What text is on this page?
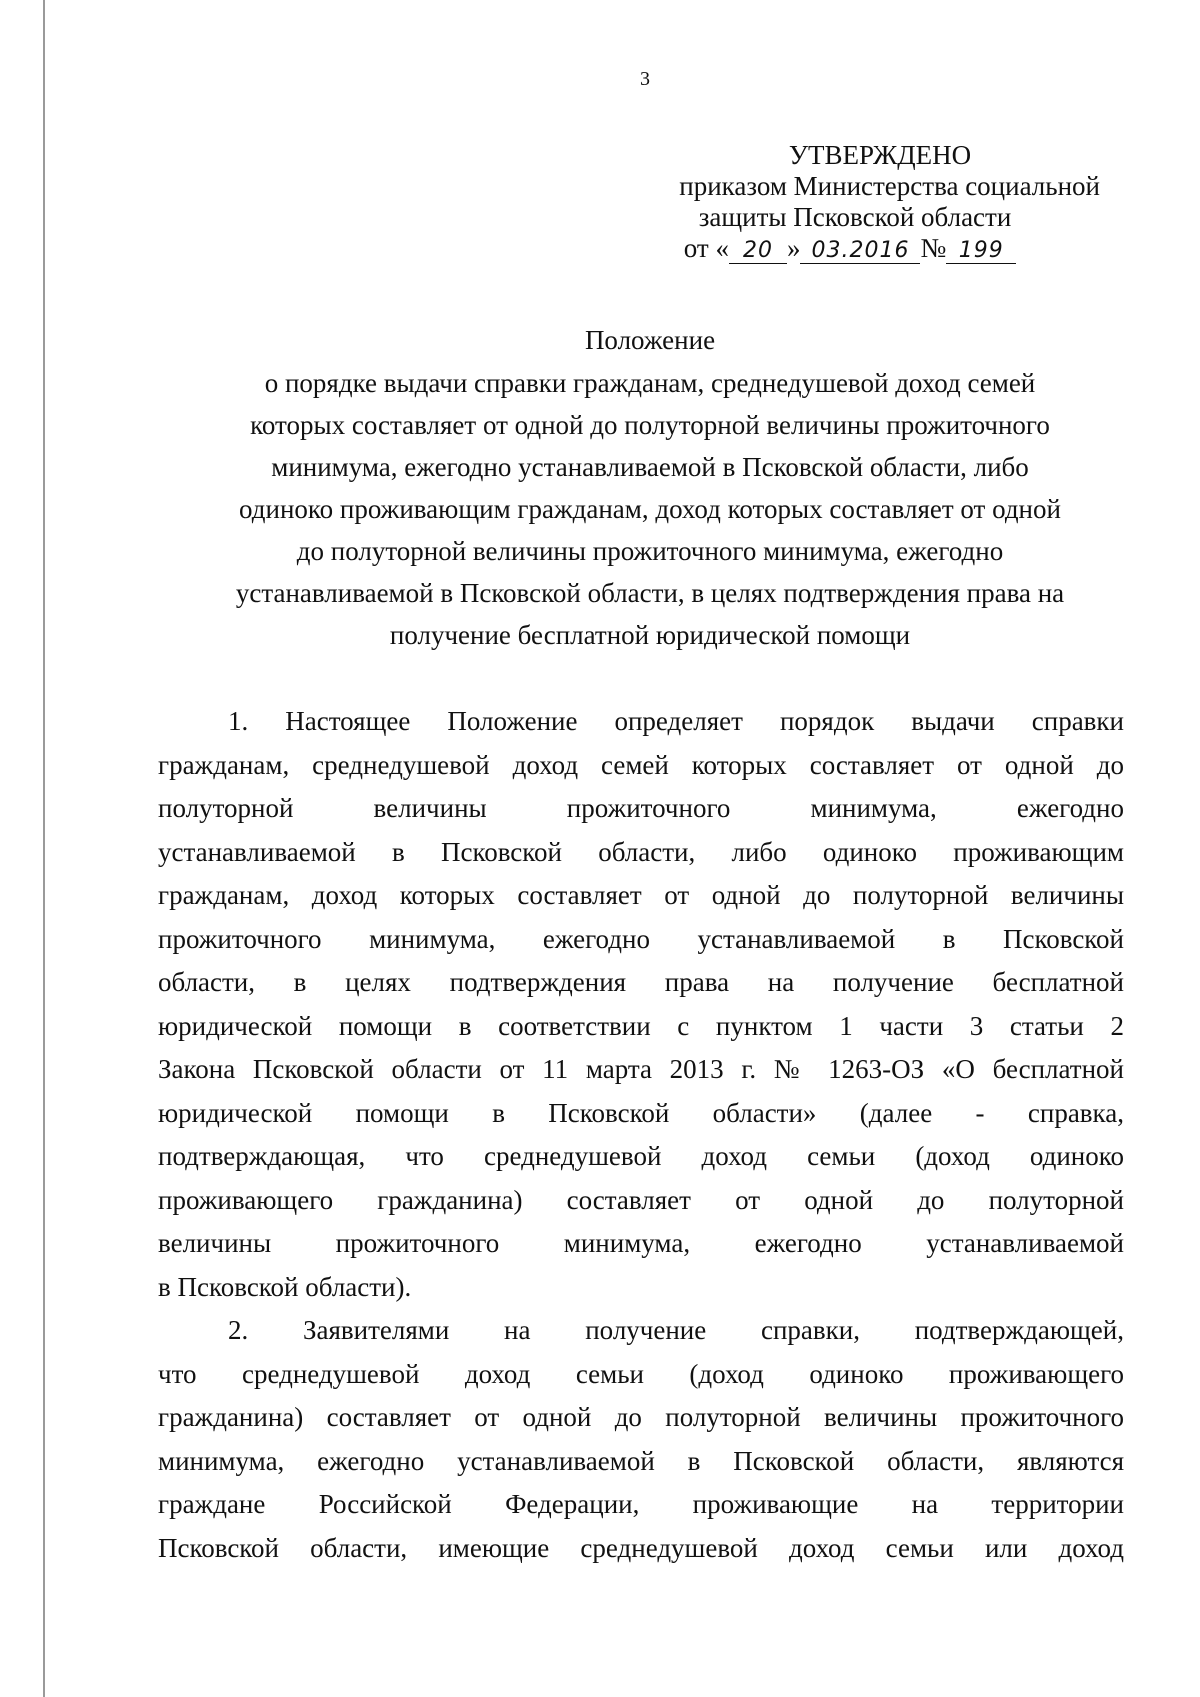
3
УТВЕРЖДЕНО
приказом Министерства социальной
защиты Псковской области
от « 20 » 03.2016 № 199
Положение
о порядке выдачи справки гражданам, среднедушевой доход семей
которых составляет от одной до полуторной величины прожиточного
минимума, ежегодно устанавливаемой в Псковской области, либо
одиноко проживающим гражданам, доход которых составляет от одной
до полуторной величины прожиточного минимума, ежегодно
устанавливаемой в Псковской области, в целях подтверждения права на
получение бесплатной юридической помощи
1. Настоящее Положение определяет порядок выдачи справки
гражданам, среднедушевой доход семей которых составляет от одной до
полуторной величины прожиточного минимума, ежегодно
устанавливаемой в Псковской области, либо одиноко проживающим
гражданам, доход которых составляет от одной до полуторной величины
прожиточного минимума, ежегодно устанавливаемой в Псковской
области, в целях подтверждения права на получение бесплатной
юридической помощи в соответствии с пунктом 1 части 3 статьи 2
Закона Псковской области от 11 марта 2013 г. № 1263-ОЗ «О бесплатной
юридической помощи в Псковской области» (далее - справка,
подтверждающая, что среднедушевой доход семьи (доход одиноко
проживающего гражданина) составляет от одной до полуторной
величины прожиточного минимума, ежегодно устанавливаемой
в Псковской области).
2. Заявителями на получение справки, подтверждающей,
что среднедушевой доход семьи (доход одиноко проживающего
гражданина) составляет от одной до полуторной величины прожиточного
минимума, ежегодно устанавливаемой в Псковской области, являются
граждане Российской Федерации, проживающие на территории
Псковской области, имеющие среднедушевой доход семьи или доход
